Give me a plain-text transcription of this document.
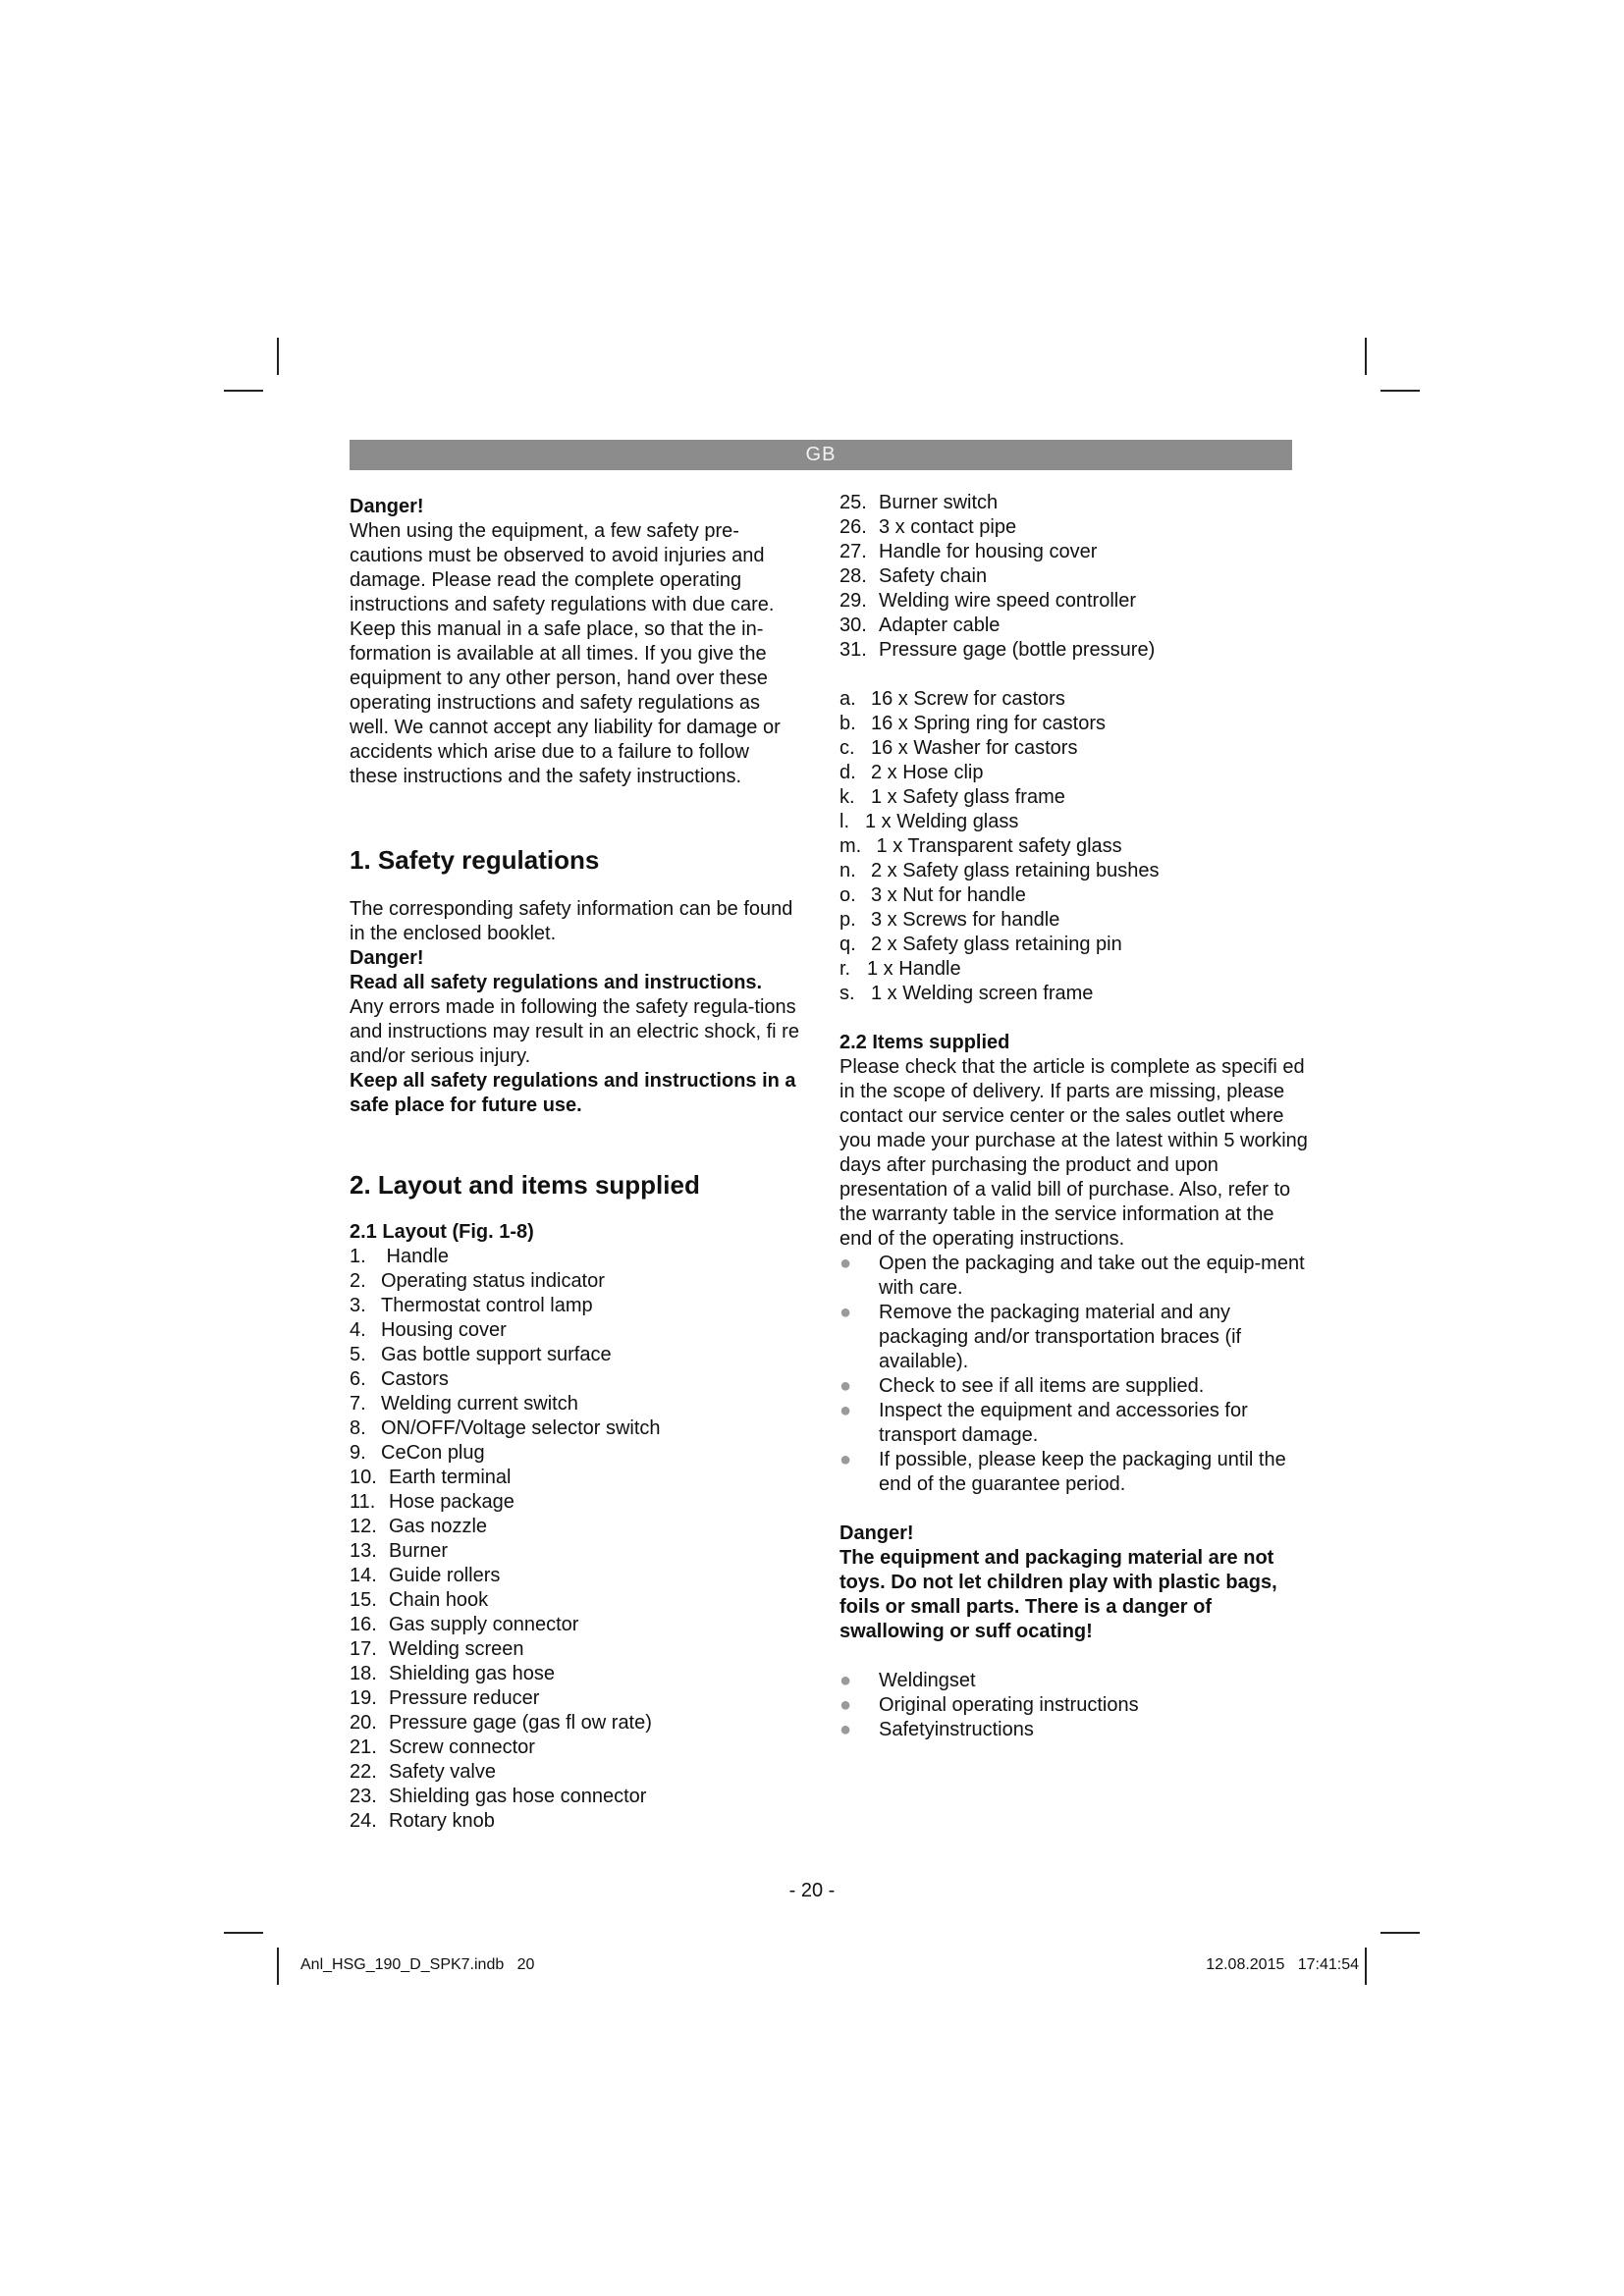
GB

Danger!

When using the equipment, a few safety pre-cautions must be observed to avoid injuries and damage. Please read the complete operating instructions and safety regulations with due care. Keep this manual in a safe place, so that the in-formation is available at all times. If you give the equipment to any other person, hand over these operating instructions and safety regulations as well. We cannot accept any liability for damage or accidents which arise due to a failure to follow these instructions and the safety instructions.

1. Safety regulations

The corresponding safety information can be found in the enclosed booklet.

Danger!

Read all safety regulations and instructions.

Any errors made in following the safety regula-tions and instructions may result in an electric shock, fi re and/or serious injury.

Keep all safety regulations and instructions in a safe place for future use.

2. Layout and items supplied

2.1 Layout (Fig. 1-8)

1. Handle
2. Operating status indicator
3. Thermostat control lamp
4. Housing cover
5. Gas bottle support surface
6. Castors
7. Welding current switch
8. ON/OFF/Voltage selector switch
9. CeCon plug
10. Earth terminal
11. Hose package
12. Gas nozzle
13. Burner
14. Guide rollers
15. Chain hook
16. Gas supply connector
17. Welding screen
18. Shielding gas hose
19. Pressure reducer
20. Pressure gage (gas fl ow rate)
21. Screw connector
22. Safety valve
23. Shielding gas hose connector
24. Rotary knob
25. Burner switch
26. 3 x contact pipe
27. Handle for housing cover
28. Safety chain
29. Welding wire speed controller
30. Adapter cable
31. Pressure gage (bottle pressure)
a. 16 x Screw for castors
b. 16 x Spring ring for castors
c. 16 x Washer for castors
d. 2 x Hose clip
k. 1 x Safety glass frame
l. 1 x Welding glass
m. 1 x Transparent safety glass
n. 2 x Safety glass retaining bushes
o. 3 x Nut for handle
p. 3 x Screws for handle
q. 2 x Safety glass retaining pin
r. 1 x Handle
s. 1 x Welding screen frame

2.2 Items supplied

Please check that the article is complete as specifi ed in the scope of delivery. If parts are missing, please contact our service center or the sales outlet where you made your purchase at the latest within 5 working days after purchasing the product and upon presentation of a valid bill of purchase. Also, refer to the warranty table in the service information at the end of the operating instructions.

● Open the packaging and take out the equip-ment with care.
● Remove the packaging material and any packaging and/or transportation braces (if available).
● Check to see if all items are supplied.
● Inspect the equipment and accessories for transport damage.
● If possible, please keep the packaging until the end of the guarantee period.

Danger!

The equipment and packaging material are not toys. Do not let children play with plastic bags, foils or small parts. There is a danger of swallowing or suff ocating!

● Weldingset
● Original operating instructions
● Safetyinstructions
- 20 -
Anl_HSG_190_D_SPK7.indb   20	12.08.2015   17:41:54
